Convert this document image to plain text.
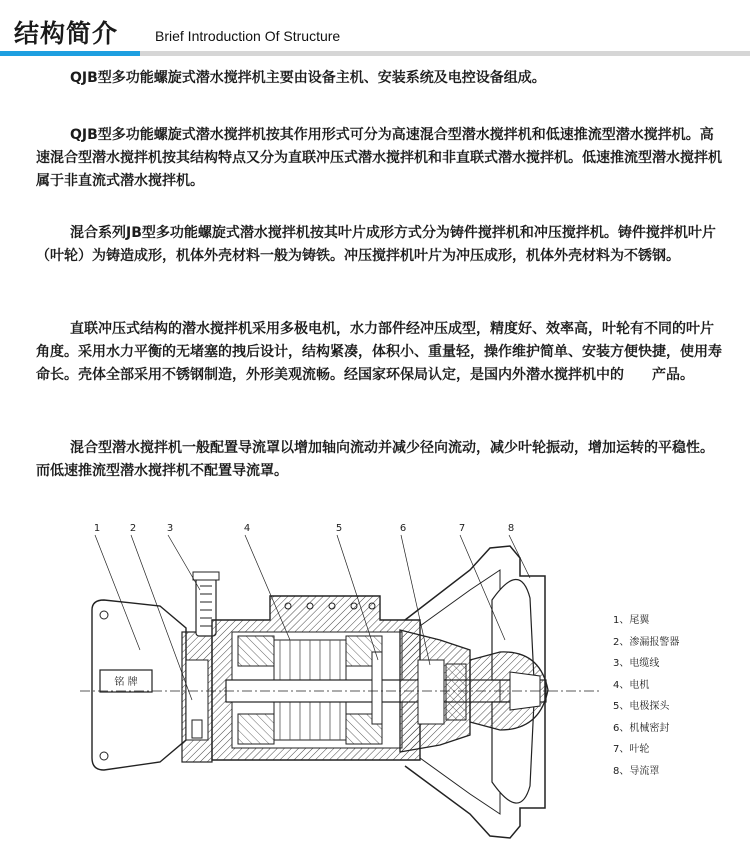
结构简介	Brief Introduction Of Structure

QJB型多功能螺旋式潜水搅拌机主要由设备主机、安装系统及电控设备组成。

QJB型多功能螺旋式潜水搅拌机按其作用形式可分为高速混合型潜水搅拌机和低速推流型潜水搅拌机。高速混合型潜水搅拌机按其结构特点又分为直联冲压式潜水搅拌机和非直联式潜水搅拌机。低速推流型潜水搅拌机属于非直流式潜水搅拌机。

混合系列JB型多功能螺旋式潜水搅拌机按其叶片成形方式分为铸件搅拌机和冲压搅拌机。铸件搅拌机叶片（叶轮）为铸造成形，机体外壳材料一般为铸铁。冲压搅拌机叶片为冲压成形，机体外壳材料为不锈钢。

直联冲压式结构的潜水搅拌机采用多极电机，水力部件经冲压成型，精度好、效率高，叶轮有不同的叶片角度。采用水力平衡的无堵塞的拽后设计，结构紧凑，体积小、重量轻，操作维护简单、安装方便快捷，使用寿命长。壳体全部采用不锈钢制造，外形美观流畅。经国家环保局认定，是国内外潜水搅拌机中的　　产品。

混合型潜水搅拌机一般配置导流罩以增加轴向流动并减少径向流动，减少叶轮振动，增加运转的平稳性。而低速推流型潜水搅拌机不配置导流罩。

铭 牌
1	2	3	4	5	6	7	8
1、尾翼
2、渗漏报警器
3、电缆线
4、电机
5、电极探头
6、机械密封
7、叶轮
8、导流罩
